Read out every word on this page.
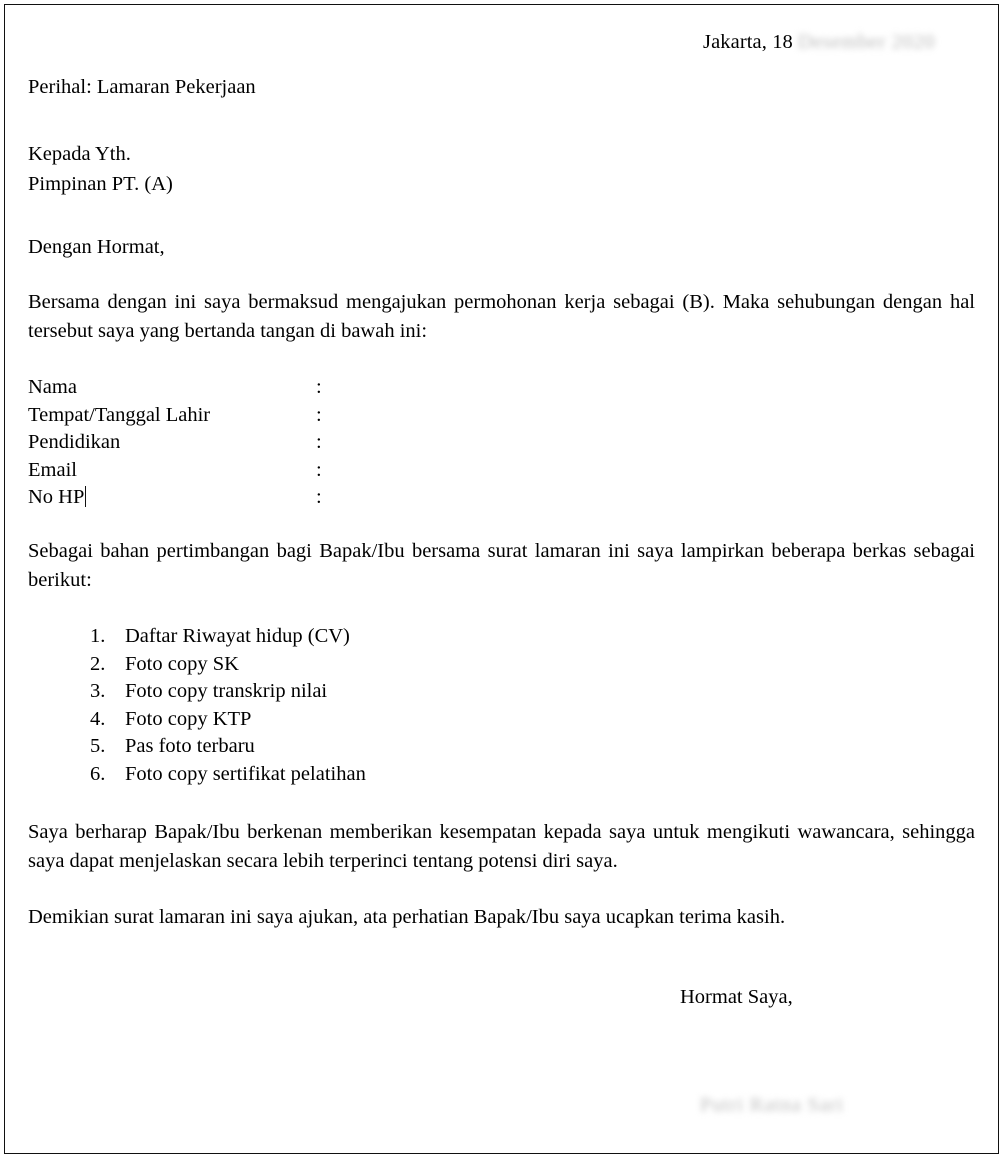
Jakarta, 18 Desember 2020
Perihal: Lamaran Pekerjaan
Kepada Yth.
Pimpinan PT. (A)
Dengan Hormat,
Bersama dengan ini saya bermaksud mengajukan permohonan kerja sebagai (B). Maka sehubungan dengan hal tersebut saya yang bertanda tangan di bawah ini:
Nama	:	
Tempat/Tanggal Lahir	:	
Pendidikan	:	
Email	:	
No HP	:	
Sebagai bahan pertimbangan bagi Bapak/Ibu bersama surat lamaran ini saya lampirkan beberapa berkas sebagai berikut:
1. Daftar Riwayat hidup (CV)
2. Foto copy SK
3. Foto copy transkrip nilai
4. Foto copy KTP
5. Pas foto terbaru
6. Foto copy sertifikat pelatihan
Saya berharap Bapak/Ibu berkenan memberikan kesempatan kepada saya untuk mengikuti wawancara, sehingga saya dapat menjelaskan secara lebih terperinci tentang potensi diri saya.
Demikian surat lamaran ini saya ajukan, ata perhatian Bapak/Ibu saya ucapkan terima kasih.
Hormat Saya,
Putri Ratna Sari
